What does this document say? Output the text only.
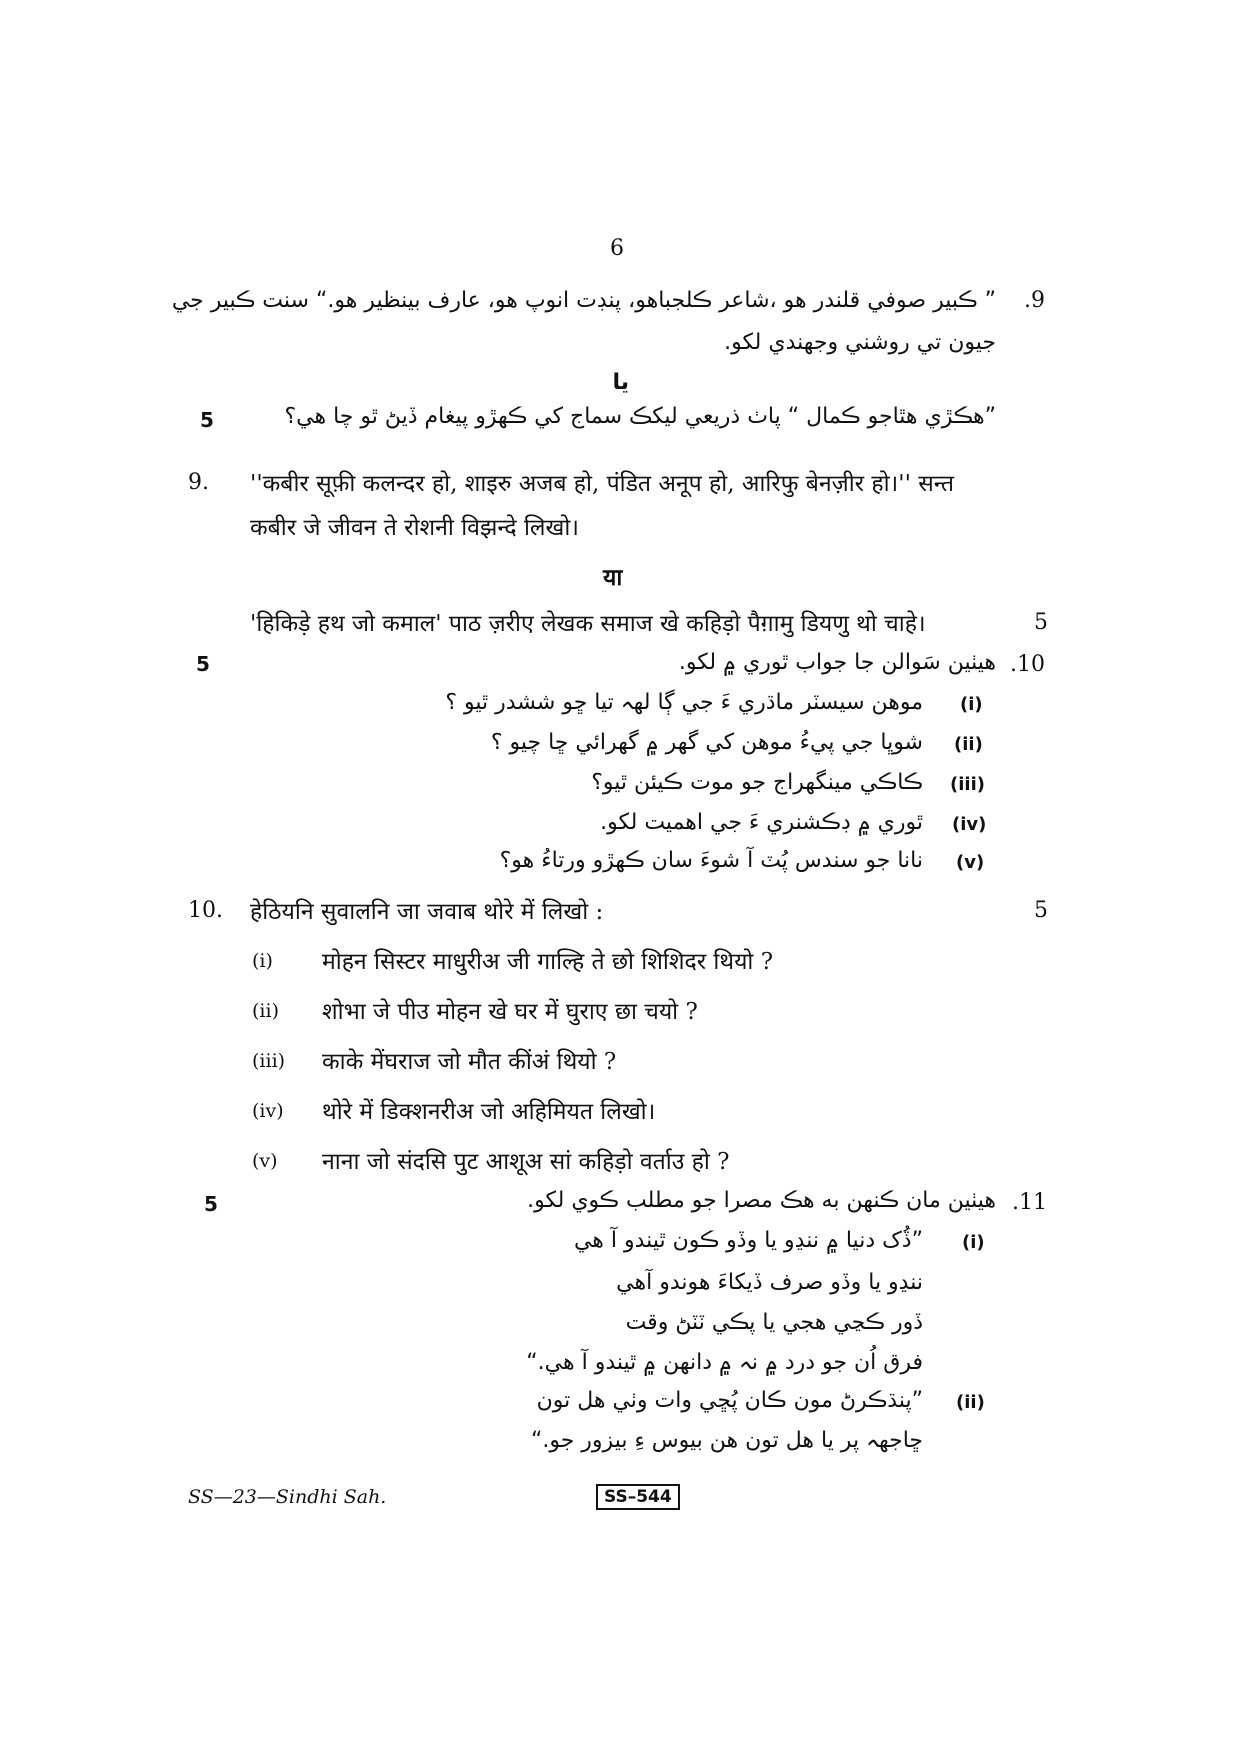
6
.9
” ڪبير صوفي قلندر هو ،شاعر ڪلجباهو، پنڊت انوپ هو، عارف بينظير هو.“ سنت ڪبير جي
جيون تي روشني وجهندي لکو.
يا
5	”هڪڙي هٿاجو ڪمال “ پاٺ ذريعي ليکڪ سماج کي ڪهڙو پيغام ڏيڻ ٿو چا هي؟
9. ''कबीर सूफ़ी कलन्दर हो, शाइरु अजब हो, पंडित अनूप हो, आरिफु बेनज़ीर हो।'' सन्त
कबीर जे जीवन ते रोशनी विझन्दे लिखो।
या
'हिकिड़े हथ जो कमाल' पाठ ज़रीए लेखक समाज खे कहिड़ो पैग़ामु डियणु थो चाहे।	5
5	.10
هيٺين سَوالن جا جواب ٿوري ۾ لکو.
(i)
موهن سيسٽر ماڌري ءَ جي ڳا لهہ تيا ڇو ششدر ٿيو ؟
(ii)
شوڀا جي پيءُ موهن کي گهر ۾ گهرائي ڇا چيو ؟
(iii)
ڪاڪي مينگهراج جو موت ڪيئن ٿيو؟
(iv)
ٿوري ۾ ڊڪشنري ءَ جي اهميت لکو.
(v)
نانا جو سندس پُٽ آ شوءَ سان ڪهڙو ورتاءُ هو؟
10. हेठियनि सुवालनि जा जवाब थोरे में लिखो :	5
(i) मोहन सिस्टर माधुरीअ जी गाल्हि ते छो शिशिदर थियो ?
(ii) शोभा जे पीउ मोहन खे घर में घुराए छा चयो ?
(iii) काके मेंघराज जो मौत कींअं थियो ?
(iv) थोरे में डिक्शनरीअ जो अहिमियत लिखो।
(v) नाना जो संदसि पुट आशूअ सां कहिड़ो वर्ताउ हो ?
5	.11
هيٺين مان ڪنهن به هڪ مصرا جو مطلب ڪوي لکو.
(i)
”ڏُک دنيا ۾ ننڍو يا وڏو ڪون ٿيندو آ هي
ننڍو يا وڏو صرف ڏيکاءَ هوندو آهي
ڏور ڪڃي هجي يا پڪي ٽٽڻ وقت
فرق اُن جو درد ۾ نہ ۾ دانهن ۾ ٿيندو آ هي.“
(ii)
”پنڌڪرڻ مون ڪان پُڇي وات وٺي هل تون
ڇاجهہ پر يا هل تون هن بيوس ءِ بيزور جو.“
SS—23—Sindhi Sah.	SS–544
